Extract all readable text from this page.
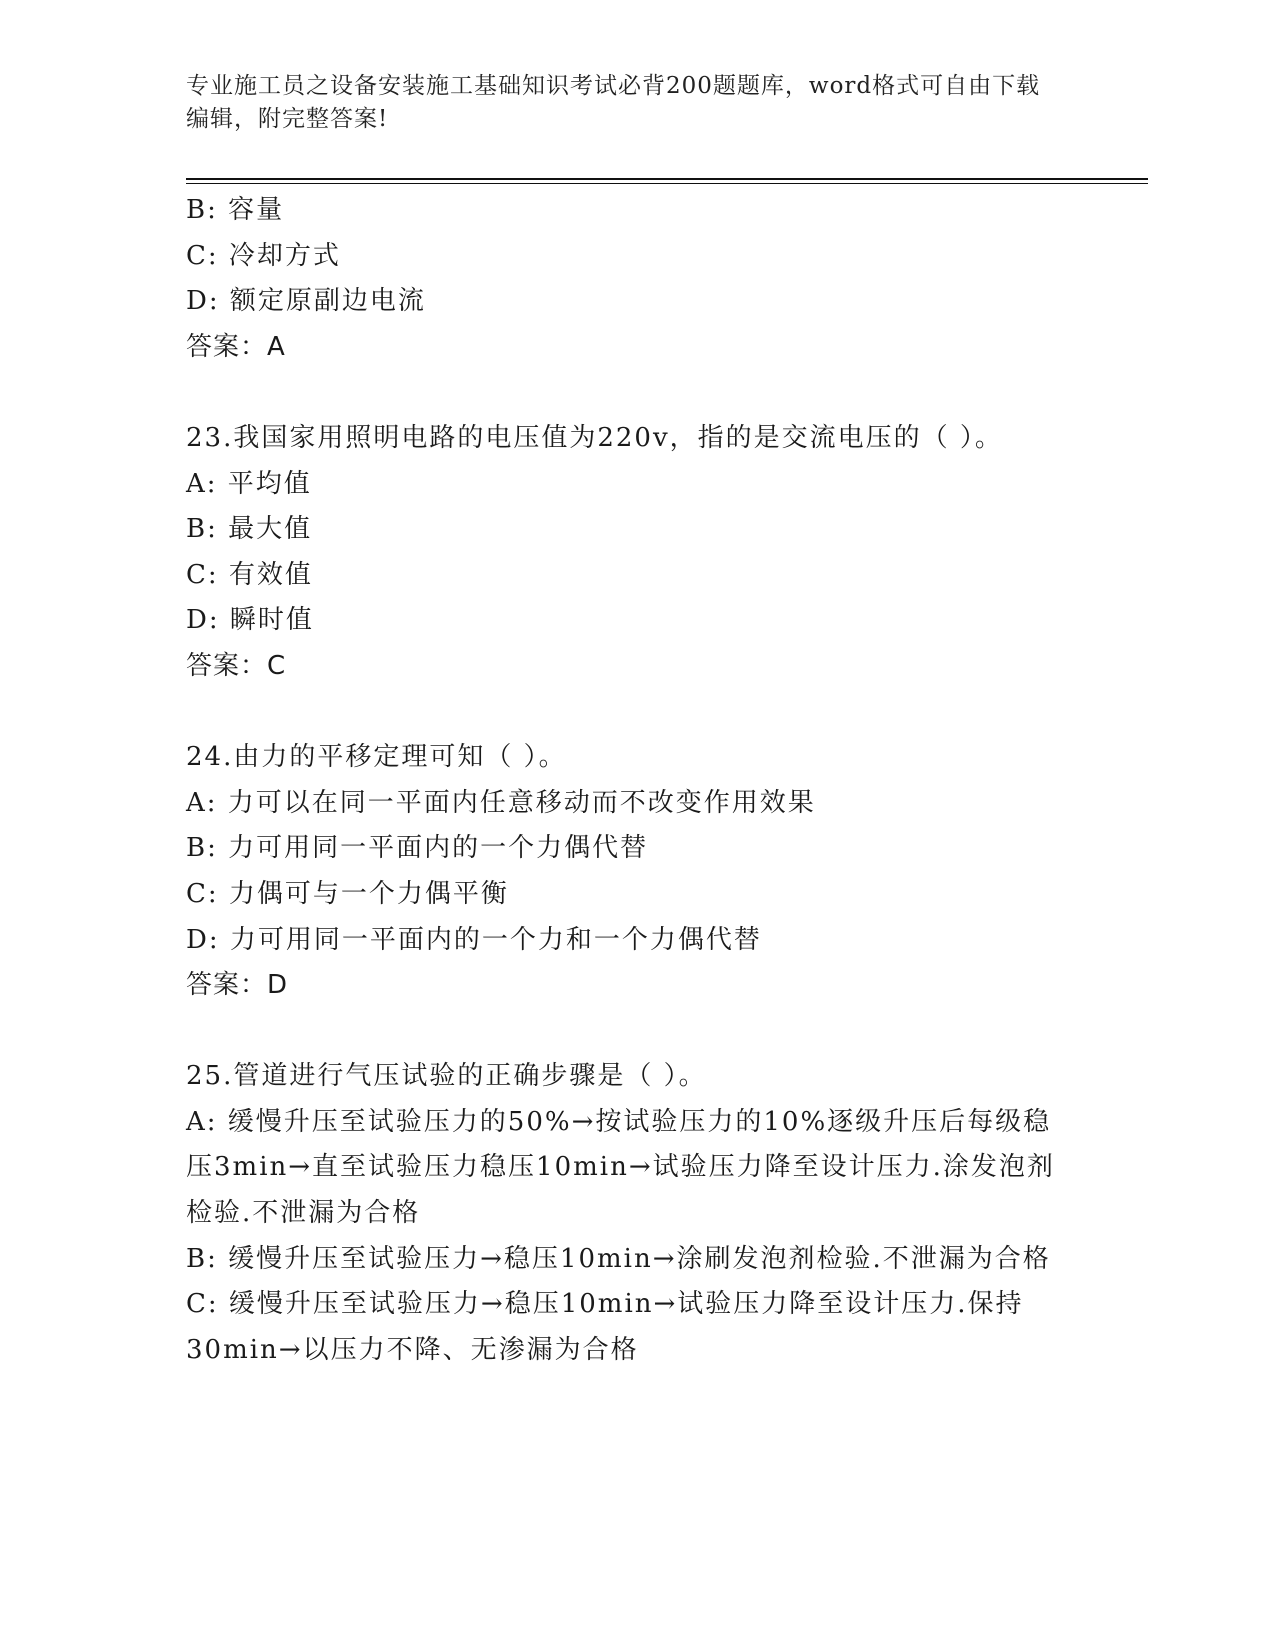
专业施工员之设备安装施工基础知识考试必背200题题库，word格式可自由下载
编辑，附完整答案!
B: 容量
C: 冷却方式
D: 额定原副边电流
答案：A
23.我国家用照明电路的电压值为220v，指的是交流电压的（ ）。
A: 平均值
B: 最大值
C: 有效值
D: 瞬时值
答案：C
24.由力的平移定理可知（ ）。
A: 力可以在同一平面内任意移动而不改变作用效果
B: 力可用同一平面内的一个力偶代替
C: 力偶可与一个力偶平衡
D: 力可用同一平面内的一个力和一个力偶代替
答案：D
25.管道进行气压试验的正确步骤是（ ）。
A: 缓慢升压至试验压力的50%→按试验压力的10%逐级升压后每级稳
压3min→直至试验压力稳压10min→试验压力降至设计压力.涂发泡剂
检验.不泄漏为合格
B: 缓慢升压至试验压力→稳压10min→涂刷发泡剂检验.不泄漏为合格
C: 缓慢升压至试验压力→稳压10min→试验压力降至设计压力.保持
30min→以压力不降、无渗漏为合格
